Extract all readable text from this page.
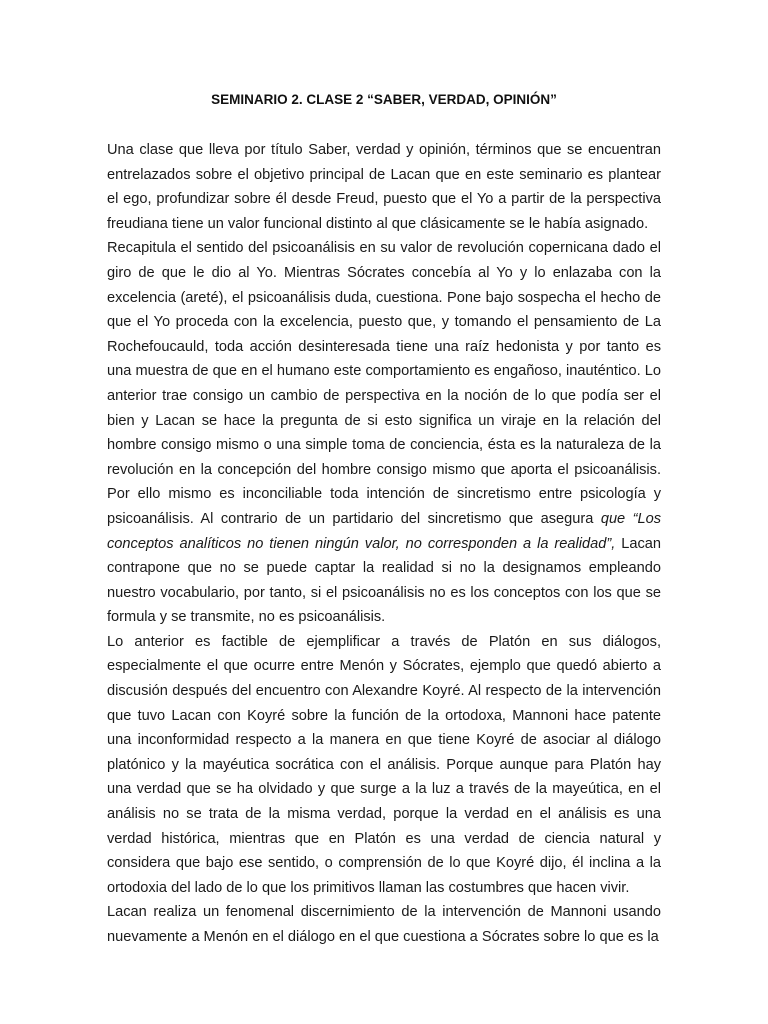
SEMINARIO 2. CLASE 2 “SABER, VERDAD, OPINIÓN”

Una clase que lleva por título Saber, verdad y opinión, términos que se encuentran entrelazados sobre el objetivo principal de Lacan que en este seminario es plantear el ego, profundizar sobre él desde Freud, puesto que el Yo a partir de la perspectiva freudiana tiene un valor funcional distinto al que clásicamente se le había asignado.

Recapitula el sentido del psicoanálisis en su valor de revolución copernicana dado el giro de que le dio al Yo. Mientras Sócrates concebía al Yo y lo enlazaba con la excelencia (areté), el psicoanálisis duda, cuestiona. Pone bajo sospecha el hecho de que el Yo proceda con la excelencia, puesto que, y tomando el pensamiento de La Rochefoucauld, toda acción desinteresada tiene una raíz hedonista y por tanto es una muestra de que en el humano este comportamiento es engañoso, inauténtico. Lo anterior trae consigo un cambio de perspectiva en la noción de lo que podía ser el bien y Lacan se hace la pregunta de si esto significa un viraje en la relación del hombre consigo mismo o una simple toma de conciencia, ésta es la naturaleza de la revolución en la concepción del hombre consigo mismo que aporta el psicoanálisis. Por ello mismo es inconciliable toda intención de sincretismo entre psicología y psicoanálisis. Al contrario de un partidario del sincretismo que asegura que “Los conceptos analíticos no tienen ningún valor, no corresponden a la realidad”, Lacan contrapone que no se puede captar la realidad si no la designamos empleando nuestro vocabulario, por tanto, si el psicoanálisis no es los conceptos con los que se formula y se transmite, no es psicoanálisis.

Lo anterior es factible de ejemplificar a través de Platón en sus diálogos, especialmente el que ocurre entre Menón y Sócrates, ejemplo que quedó abierto a discusión después del encuentro con Alexandre Koyré. Al respecto de la intervención que tuvo Lacan con Koyré sobre la función de la ortodoxa, Mannoni hace patente una inconformidad respecto a la manera en que tiene Koyré de asociar al diálogo platónico y la mayéutica socrática con el análisis. Porque aunque para Platón hay una verdad que se ha olvidado y que surge a la luz a través de la mayeútica, en el análisis no se trata de la misma verdad, porque la verdad en el análisis es una verdad histórica, mientras que en Platón es una verdad de ciencia natural y considera que bajo ese sentido, o comprensión de lo que Koyré dijo, él inclina a la ortodoxia del lado de lo que los primitivos llaman las costumbres que hacen vivir.

Lacan realiza un fenomenal discernimiento de la intervención de Mannoni usando nuevamente a Menón en el diálogo en el que cuestiona a Sócrates sobre lo que es la
